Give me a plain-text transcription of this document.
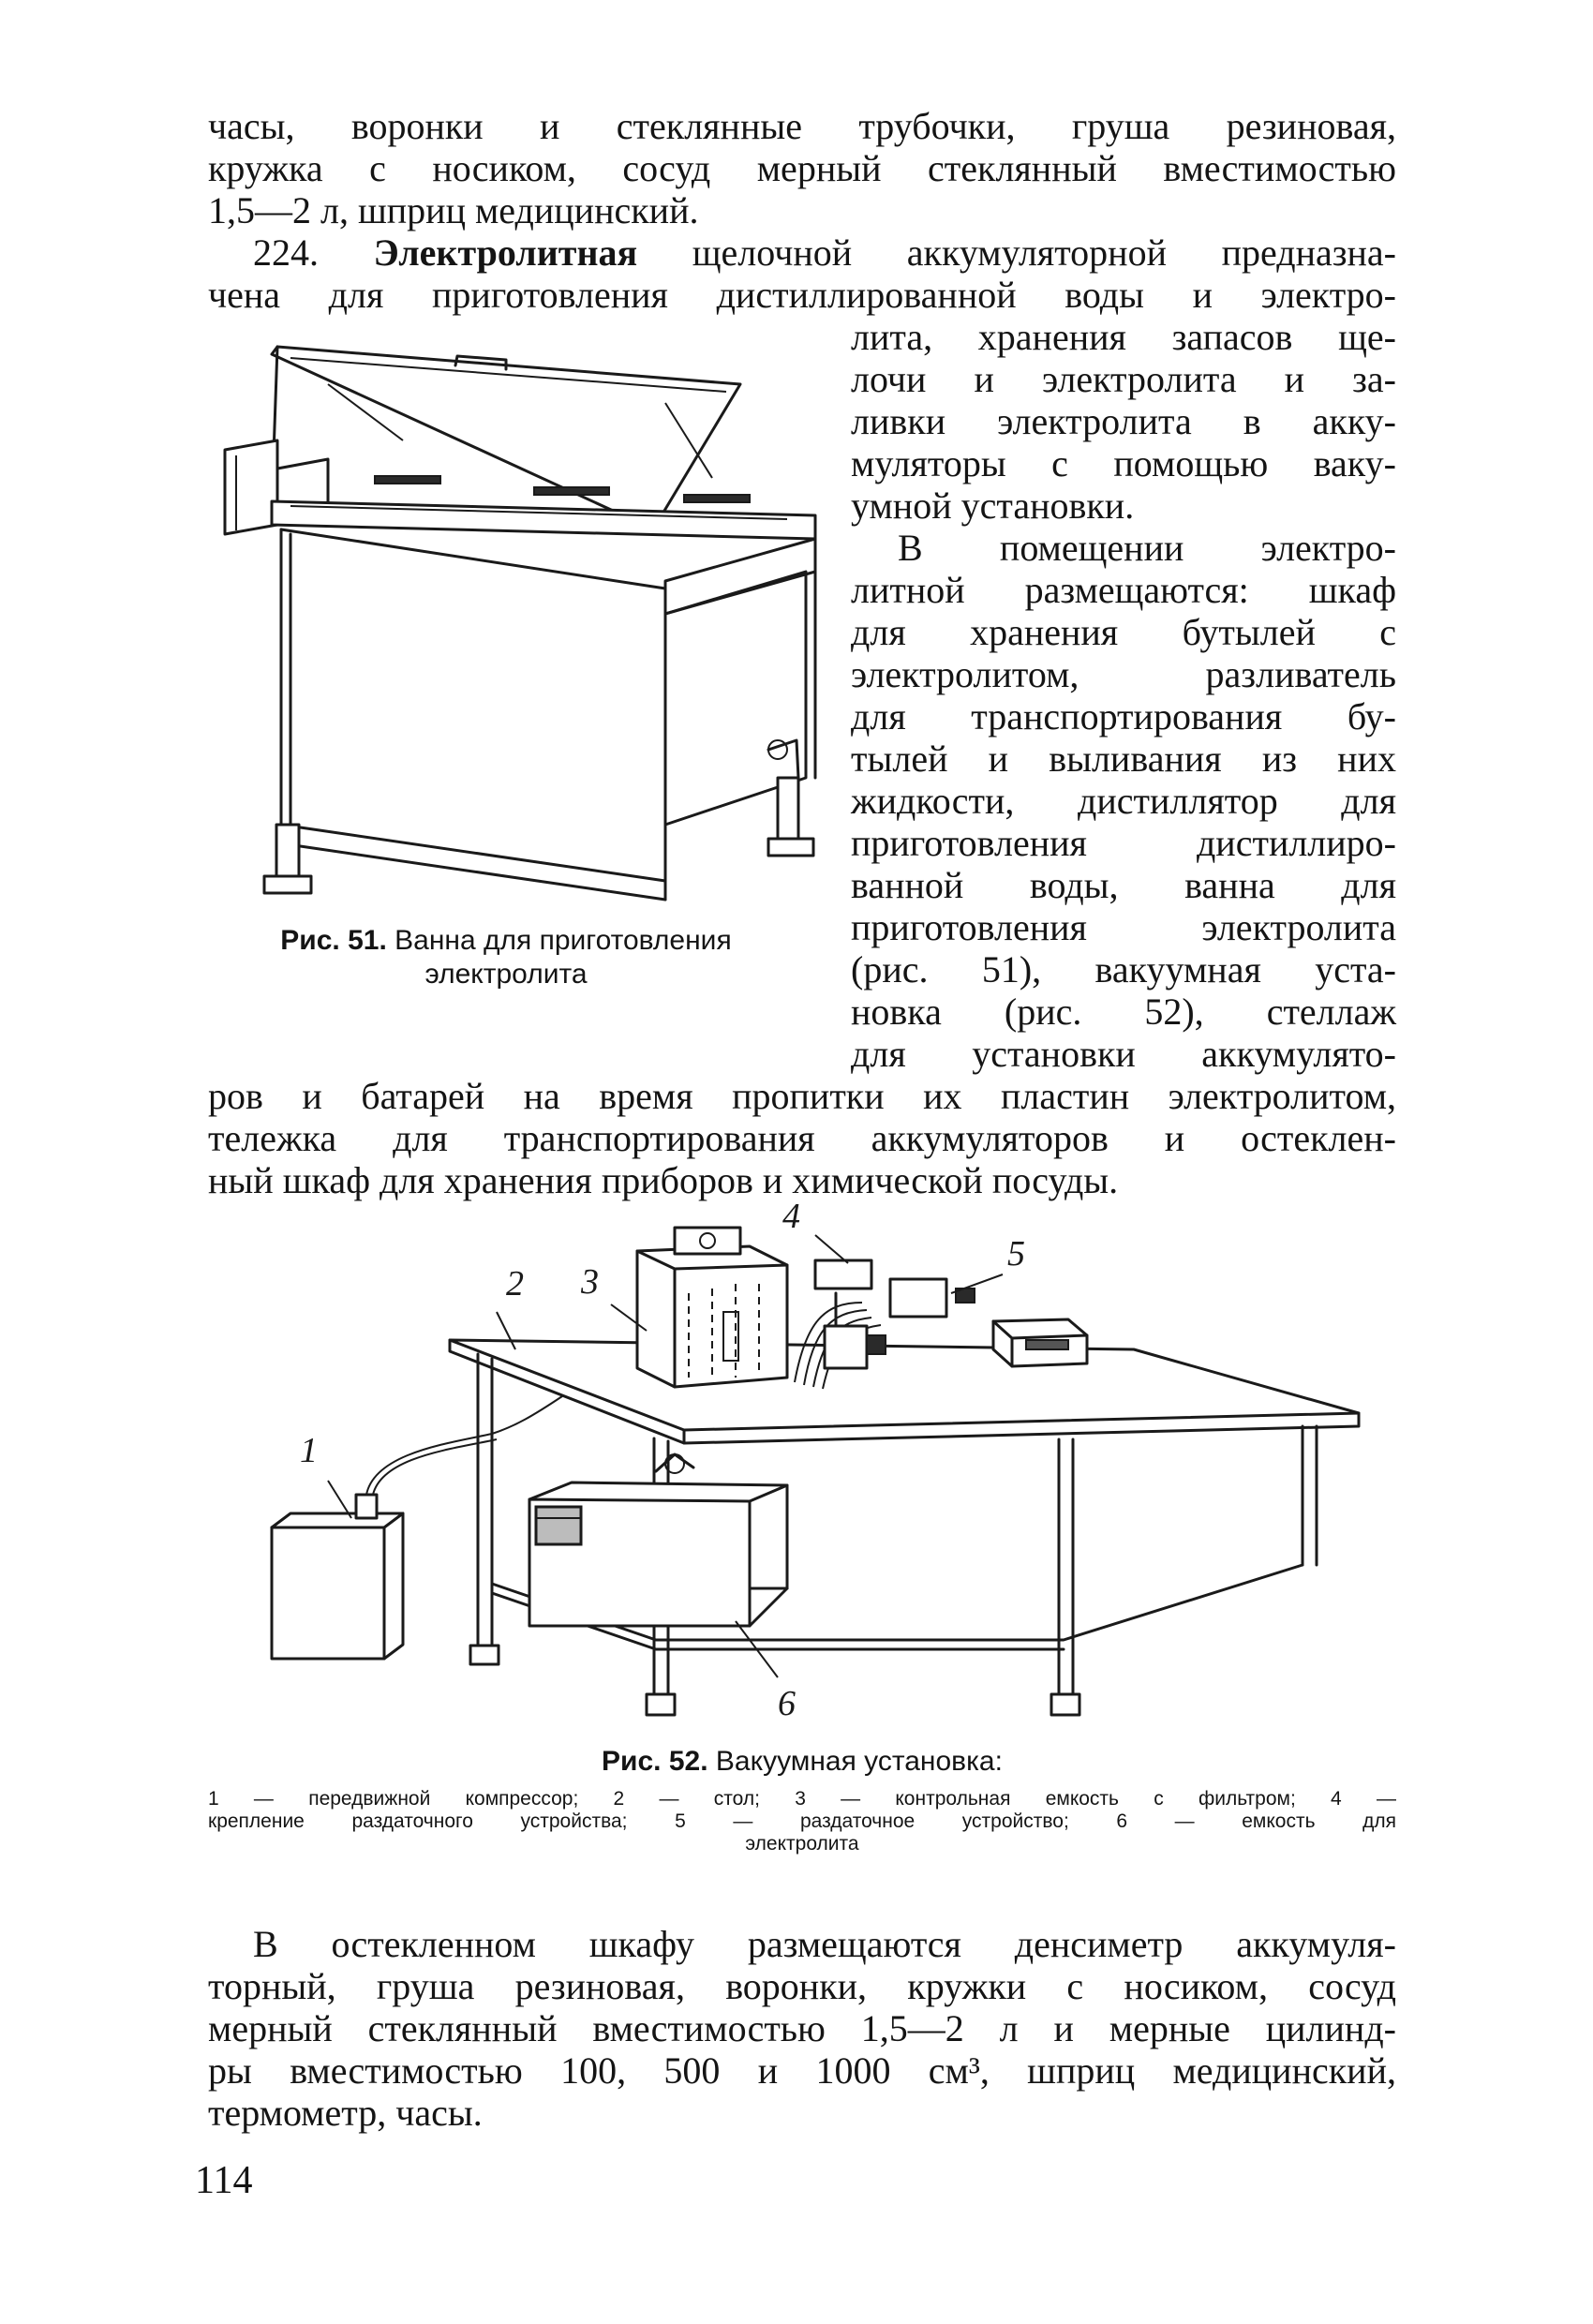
часы, воронки и стеклянные трубочки, груша резиновая,
кружка с носиком, сосуд мерный стеклянный вместимостью
1,5—2 л, шприц медицинский.
224. Электролитная щелочной аккумуляторной предназна-
чена для приготовления дистиллированной воды и электро-
лита, хранения запасов ще-
лочи и электролита и за-
ливки электролита в акку-
муляторы с помощью ваку-
умной установки.
В помещении электро-
литной размещаются: шкаф
для хранения бутылей с
электролитом, разливатель
для транспортирования бу-
тылей и выливания из них
жидкости, дистиллятор для
приготовления дистиллиро-
ванной воды, ванна для
приготовления электролита
(рис. 51), вакуумная уста-
новка (рис. 52), стеллаж
для установки аккумулято-
ров и батарей на время пропитки их пластин электролитом,
тележка для транспортирования аккумуляторов и остеклен-
ный шкаф для хранения приборов и химической посуды.
Рис. 51. Ванна для приготовления
электролита
1
2 3
4
5
6
Рис. 52. Вакуумная установка:
1 — передвижной компрессор; 2 — стол; 3 — контрольная емкость с фильтром; 4 —
крепление раздаточного устройства; 5 — раздаточное устройство; 6 — емкость для
электролита
В остекленном шкафу размещаются денсиметр аккумуля-
торный, груша резиновая, воронки, кружки с носиком, сосуд
мерный стеклянный вместимостью 1,5—2 л и мерные цилинд-
ры вместимостью 100, 500 и 1000 см³, шприц медицинский,
термометр, часы.
114
